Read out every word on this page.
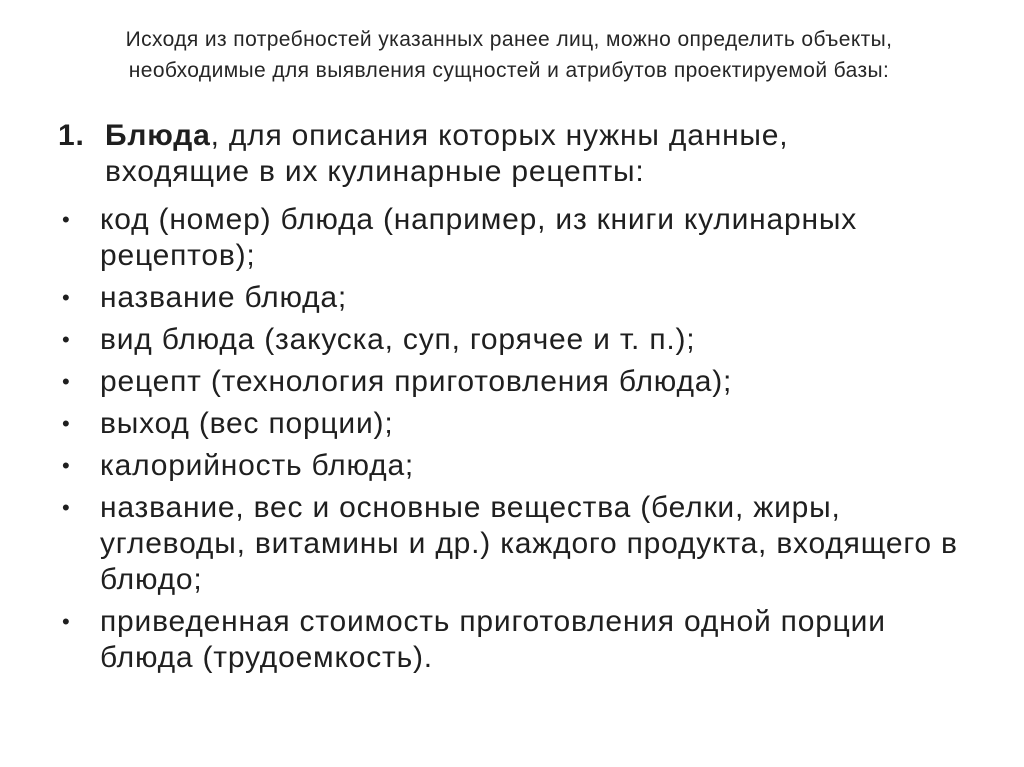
Исходя из потребностей указанных ранее лиц, можно определить объекты, необходимые для выявления сущностей и атрибутов проектируемой базы:

1. Блюда, для описания которых нужны данные, входящие в их кулинарные рецепты:
• код (номер) блюда (например, из книги кулинарных рецептов);
• название блюда;
• вид блюда (закуска, суп, горячее и т. п.);
• рецепт (технология приготовления блюда);
• выход (вес порции);
• калорийность блюда;
• название, вес и основные вещества (белки, жиры, углеводы, витамины и др.) каждого продукта, входящего в блюдо;
• приведенная стоимость приготовления одной порции блюда (трудоемкость).
